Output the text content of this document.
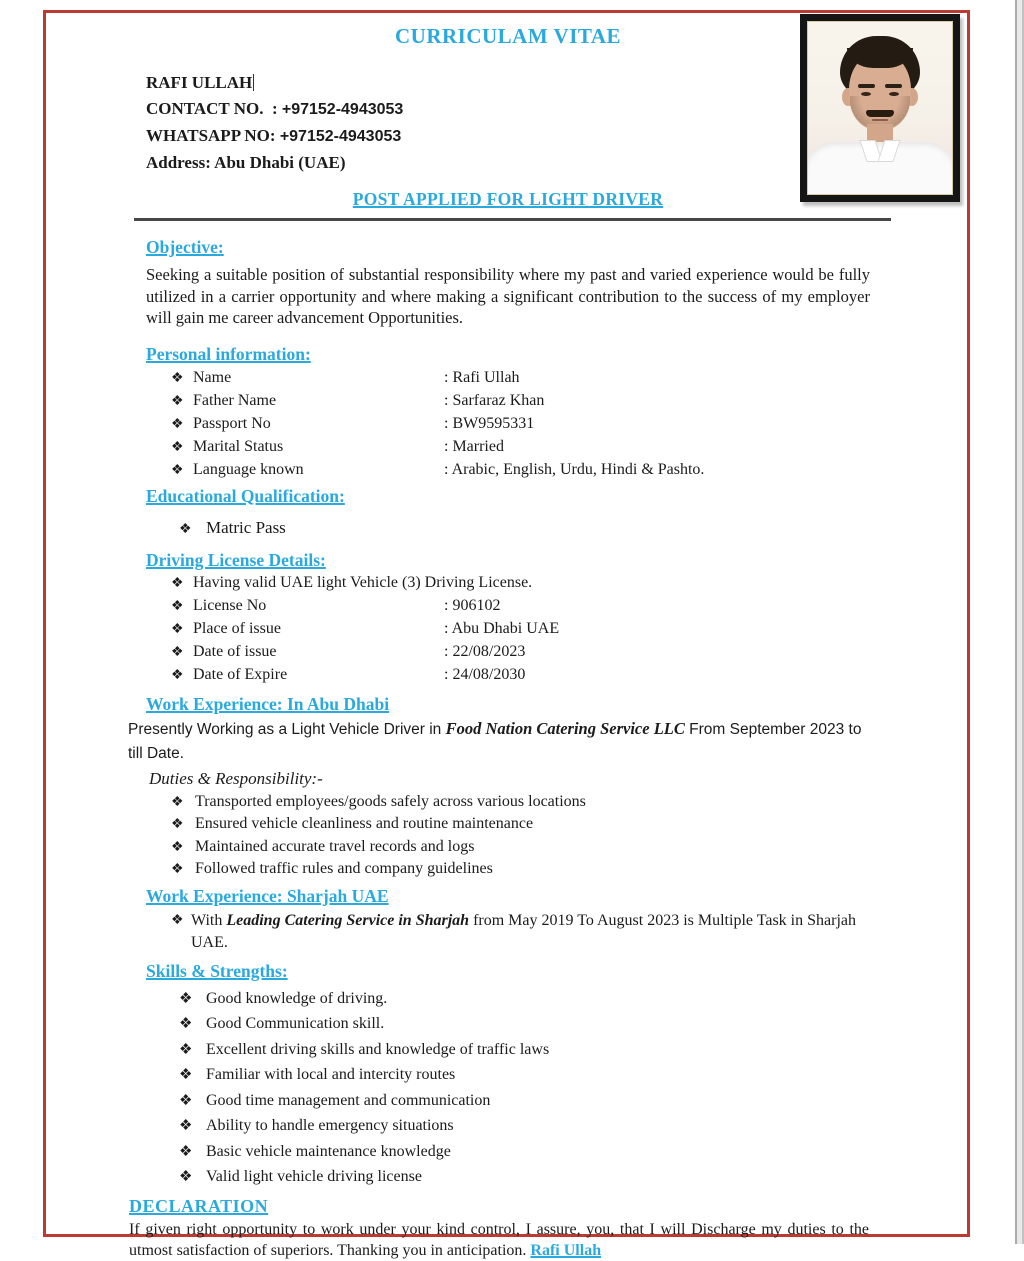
CURRICULAM VITAE
RAFI ULLAH
CONTACT NO.  : +97152-4943053
WHATSAPP NO: +97152-4943053
Address: Abu Dhabi (UAE)
POST APPLIED FOR LIGHT DRIVER
Objective:
Seeking a suitable position of substantial responsibility where my past and varied experience would be fully utilized in a carrier opportunity and where making a significant contribution to the success of my employer will gain me career advancement Opportunities.
Personal information:
❖ Name	: Rafi Ullah
❖ Father Name	: Sarfaraz Khan
❖ Passport No	: BW9595331
❖ Marital Status	: Married
❖ Language known	: Arabic, English, Urdu, Hindi & Pashto.
Educational Qualification:
❖ Matric Pass
Driving License Details:
❖ Having valid UAE light Vehicle (3) Driving License.
❖ License No	: 906102
❖ Place of issue	: Abu Dhabi UAE
❖ Date of issue	: 22/08/2023
❖ Date of Expire	: 24/08/2030
Work Experience: In Abu Dhabi
Presently Working as a Light Vehicle Driver in Food Nation Catering Service LLC From September 2023 to till Date.
Duties & Responsibility:-
❖ Transported employees/goods safely across various locations
❖ Ensured vehicle cleanliness and routine maintenance
❖ Maintained accurate travel records and logs
❖ Followed traffic rules and company guidelines
Work Experience: Sharjah UAE
❖ With Leading Catering Service in Sharjah from May 2019 To August 2023 is Multiple Task in Sharjah UAE.
Skills & Strengths:
❖ Good knowledge of driving.
❖ Good Communication skill.
❖ Excellent driving skills and knowledge of traffic laws
❖ Familiar with local and intercity routes
❖ Good time management and communication
❖ Ability to handle emergency situations
❖ Basic vehicle maintenance knowledge
❖ Valid light vehicle driving license
DECLARATION
If given right opportunity to work under your kind control, I assure, you, that I will Discharge my duties to the utmost satisfaction of superiors. Thanking you in anticipation. Rafi Ullah
